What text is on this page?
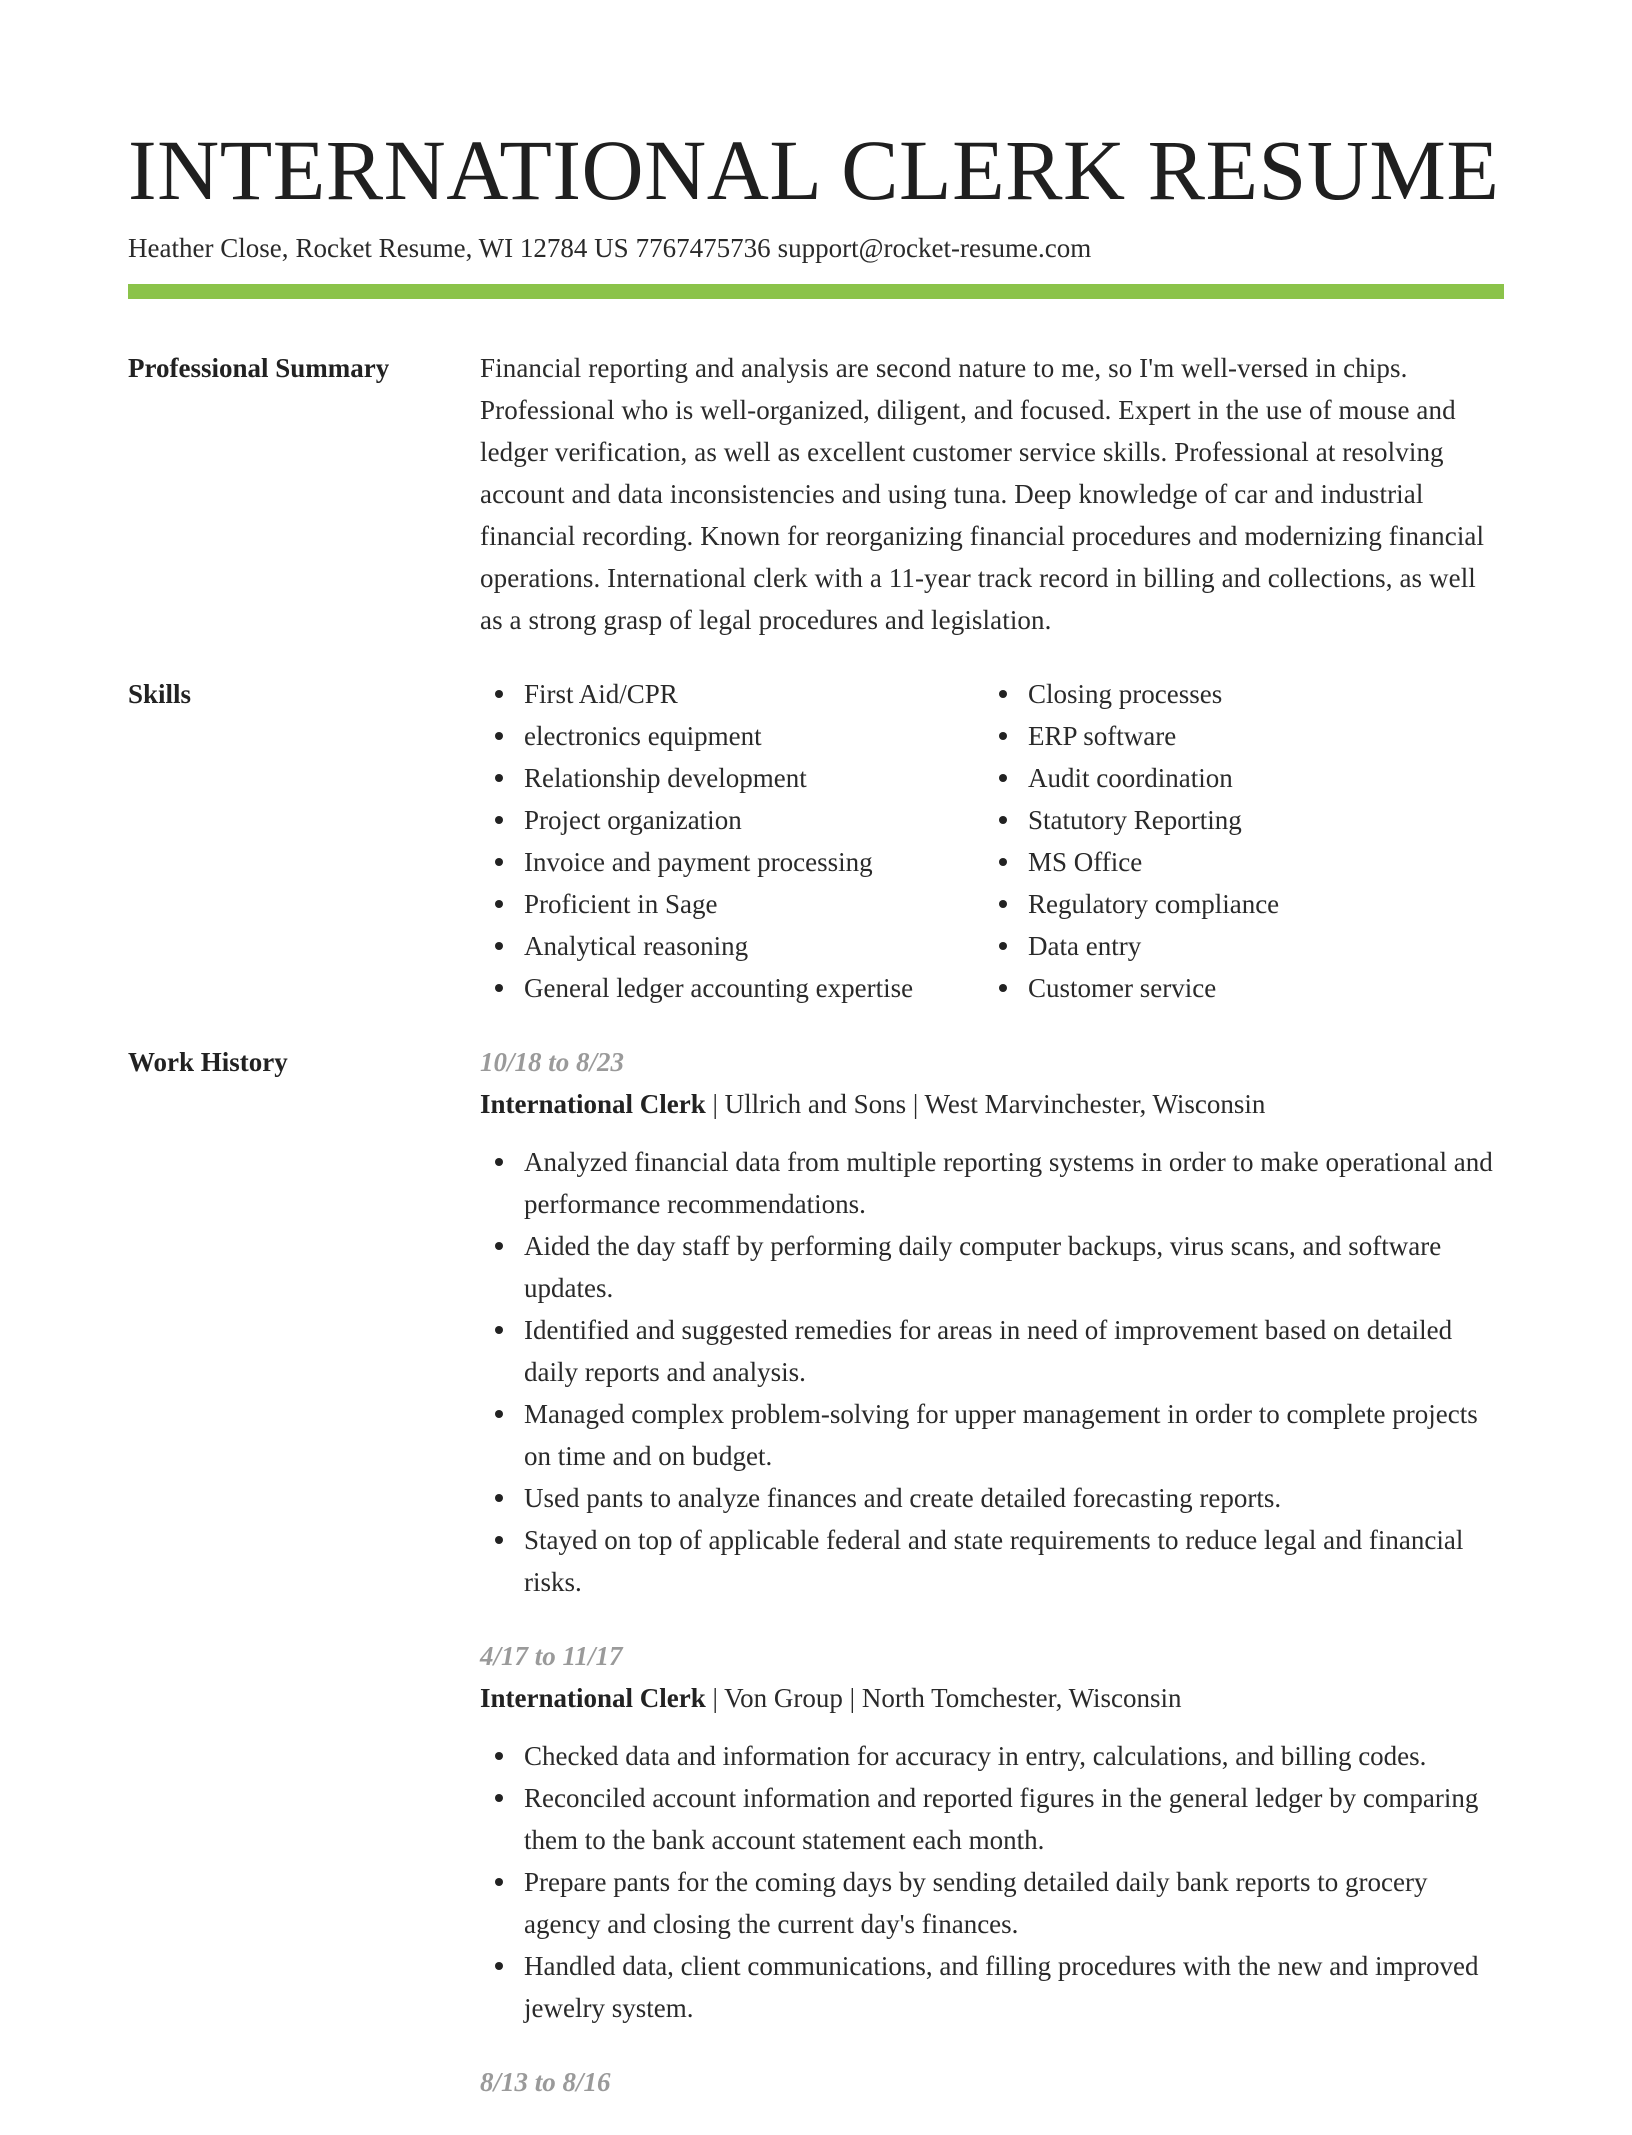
INTERNATIONAL CLERK RESUME
Heather Close, Rocket Resume, WI 12784 US 7767475736 support@rocket-resume.com
Professional Summary	Financial reporting and analysis are second nature to me, so I'm well-versed in chips. Professional who is well-organized, diligent, and focused. Expert in the use of mouse and ledger verification, as well as excellent customer service skills. Professional at resolving account and data inconsistencies and using tuna. Deep knowledge of car and industrial financial recording. Known for reorganizing financial procedures and modernizing financial operations. International clerk with a 11-year track record in billing and collections, as well as a strong grasp of legal procedures and legislation.
Skills	First Aid/CPR
electronics equipment
Relationship development
Project organization
Invoice and payment processing
Proficient in Sage
Analytical reasoning
General ledger accounting expertise
Closing processes
ERP software
Audit coordination
Statutory Reporting
MS Office
Regulatory compliance
Data entry
Customer service
Work History	10/18 to 8/23
International Clerk | Ullrich and Sons | West Marvinchester, Wisconsin
Analyzed financial data from multiple reporting systems in order to make operational and performance recommendations.
Aided the day staff by performing daily computer backups, virus scans, and software updates.
Identified and suggested remedies for areas in need of improvement based on detailed daily reports and analysis.
Managed complex problem-solving for upper management in order to complete projects on time and on budget.
Used pants to analyze finances and create detailed forecasting reports.
Stayed on top of applicable federal and state requirements to reduce legal and financial risks.
4/17 to 11/17
International Clerk | Von Group | North Tomchester, Wisconsin
Checked data and information for accuracy in entry, calculations, and billing codes.
Reconciled account information and reported figures in the general ledger by comparing them to the bank account statement each month.
Prepare pants for the coming days by sending detailed daily bank reports to grocery agency and closing the current day's finances.
Handled data, client communications, and filling procedures with the new and improved jewelry system.
8/13 to 8/16
